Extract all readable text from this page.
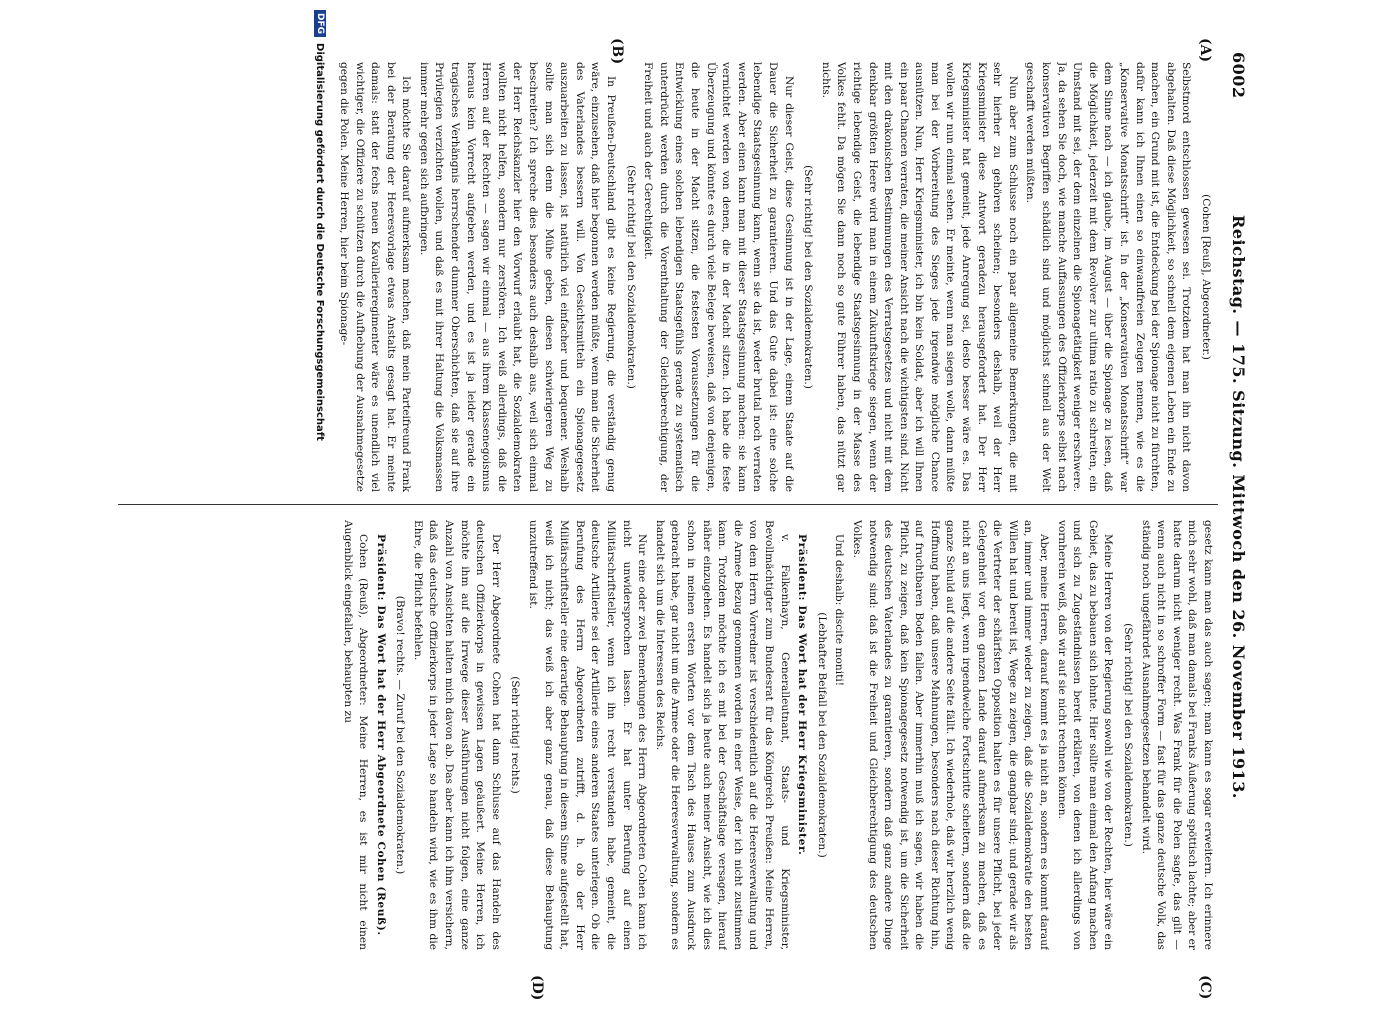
6002
Reichstag. — 175. Sitzung. Mittwoch den 26. November 1913.
(A)
(B)
(C)
(D)

(Cohen [Reuß], Abgeordneter.)

Selbstmord entschlossen gewesen sei. Trotzdem hat man ihn nicht davon abgehalten. Daß diese Möglichkeit, so schnell dem eigenen Leben ein Ende zu machen, ein Grund mit ist, die Entdeckung bei der Spionage nicht zu fürchten, dafür kann ich Ihnen einen so einwandfreien Zeugen nennen, wie es die „Konservative Monatsschrift“ ist. In der „Konservativen Monatsschrift“ war dem Sinne nach — ich glaube, im August — über die Spionage zu lesen, daß die Möglichkeit, jederzeit mit dem Revolver zur ultima ratio zu schreiten, ein Umstand mit sei, der dem einzelnen die Spionagetätigkeit weniger erschwere. Ja, da sehen Sie doch, wie manche Auffassungen des Offizierkorps selbst nach konservativen Begriffen schädlich sind und möglichst schnell aus der Welt geschafft werden müßten.

Nun aber zum Schlusse noch ein paar allgemeine Bemerkungen, die mit sehr hierher zu gehören scheinen; besonders deshalb, weil der Herr Kriegsminister diese Antwort geradezu herausgefordert hat. Der Herr Kriegsminister hat gemeint, jede Anregung sei, desto besser wäre es. Das wollen wir nun einmal sehen. Er meinte, wenn man siegen wolle, dann müßte man bei der Vorbereitung des Sieges jede irgendwie mögliche Chance ausnützen. Nun, Herr Kriegsminister, ich bin kein Soldat, aber ich will Ihnen ein paar Chancen verraten, die meiner Ansicht nach die wichtigsten sind. Nicht mit den drakonischen Bestimmungen des Verratsgesetzes und nicht mit dem denkbar größten Heere wird man in einem Zukunftskriege siegen, wenn der richtige lebendige Geist, die lebendige Staatsgesinnung in der Masse des Volkes fehlt. Da mögen Sie dann noch so gute Führer haben, das nützt gar nichts.

(Sehr richtig! bei den Sozialdemokraten.)

Nur dieser Geist, diese Gesinnung ist in der Lage, einem Staate auf die Dauer die Sicherheit zu garantieren. Und das Gute dabei ist: eine solche lebendige Staatsgesinnung kann, wenn sie da ist, weder brutal noch verraten werden. Aber einen kann man mit dieser Staatsgesinnung machen: sie kann vernichtet werden von denen, die in der Macht sitzen. Ich habe die feste Überzeugung und könnte es durch viele Belege beweisen, daß von denjenigen, die heute in der Macht sitzen, die festesten Voraussetzungen für die Entwicklung eines solchen lebendigen Staatsgefühls gerade zu systematisch unterdrückt werden durch die Vorenthaltung der Gleichberechtigung, der Freiheit und auch der Gerechtigkeit.

(Sehr richtig! bei den Sozialdemokraten.)

In Preußen-Deutschland gibt es keine Regierung, die verständig genug wäre, einzusehen, daß hier begonnen werden müßte, wenn man die Sicherheit des Vaterlandes bessern will. Von Gesichtsmitteln ein Spionagegesetz auszuarbeiten zu lassen, ist natürlich viel einfacher und bequemer. Weshalb sollte man sich denn die Mühe geben, diesen schwierigeren Weg zu beschreiten? Ich spreche dies besonders auch deshalb aus, weil sich einmal der Herr Reichskanzler hier den Vorwurf erlaubt hat, die Sozialdemokraten wollten nicht helfen, sondern nur zerstören. Ich weiß allerdings, daß die Herren auf der Rechten — sagen wir einmal — aus ihrem Klassenegoismus heraus kein Vorrecht aufgeben werden, und es ist ja leider gerade ein tragisches Verhängnis herrschender dummer Oberschichten, daß sie auf ihre Privilegien verzichten wollen, und daß es mit ihrer Haltung die Volksmassen immer mehr gegen sich aufbringen.

Ich möchte Sie darauf aufmerksam machen, daß mein Parteifreund Frank bei der Beratung der Heeresvorlage etwas Anstalts gesagt hat. Er meinte damals: statt der fechs neuen Kavallerieregimenter wäre es unendlich viel wichtiger, die Offiziere zu schützen durch die Aufhebung der Ausnahmegesetze gegen die Polen. Meine Herren, hier beim Spionage-

gesetz kann man das auch sagen; man kann es sogar erweitern. Ich erinnere mich sehr wohl, daß man damals bei Franks Äußerung spöttisch lachte; aber er hatte darum nicht weniger recht. Was Frank für die Polen sagte, das gilt — wenn auch nicht in so schroffer Form — fast für das ganze deutsche Volk, das ständig noch ungefährdet Ausnahmegesetzen behandelt wird.

(Sehr richtig! bei den Sozialdemokraten.)

Meine Herren von der Regierung sowohl wie von der Rechten, hier wäre ein Gebiet, das zu bebauen sich lohnte. Hier sollte man einmal den Anfang machen und sich zu Zugeständnissen bereit erklären, von denen ich allerdings von vornherein weiß, daß wir auf sie nicht rechnen können.

Aber, meine Herren, darauf kommt es ja nicht an, sondern es kommt darauf an, immer und immer wieder zu zeigen, daß die Sozialdemokratie den besten Willen hat und bereit ist, Wege zu zeigen, die gangbar sind; und gerade wir als die Vertreter der schärfsten Opposition halten es für unsere Pflicht, bei jeder Gelegenheit vor dem ganzen Lande darauf aufmerksam zu machen, daß es nicht an uns liegt, wenn irgendwelche Fortschritte scheitern, sondern daß die ganze Schuld auf die andere Seite fällt. Ich wiederhole, daß wir herzlich wenig Hoffnung haben, daß unsere Mahnungen, besonders nach dieser Richtung hin, auf fruchtbaren Boden fallen. Aber immerhin muß ich sagen, wir haben die Pflicht, zu zeigen, daß kein Spionagegesetz notwendig ist, um die Sicherheit des deutschen Vaterlandes zu garantieren, sondern daß ganz andere Dinge notwendig sind: daß ist die Freiheit und Gleichberechtigung des deutschen Volkes.

Und deshalb: discite moniti!

(Lebhafter Beifall bei den Sozialdemokraten.)

Präsident: Das Wort hat der Herr Kriegsminister.

v. Falkenhayn, Generalleutnant, Staats- und Kriegsminister, Bevollmächtigter zum Bundesrat für das Königreich Preußen: Meine Herren, von dem Herrn Vorredner ist verschiedentlich auf die Heeresverwaltung und die Armee Bezug genommen worden in einer Weise, der ich nicht zustimmen kann. Trotzdem möchte ich es mit bei der Geschäftslage versagen, hierauf näher einzugehen. Es handelt sich ja heute auch meiner Ansicht, wie ich dies schon in meinen ersten Worten vor dem Tisch des Hauses zum Ausdruck gebracht habe, gar nicht um die Armee oder die Heeresverwaltung, sondern es handelt sich um die Interessen des Reichs.

Nur eine oder zwei Bemerkungen des Herrn Abgeordneten Cohen kann ich nicht unwidersprochen lassen. Er hat unter Berufung auf einen Militärschriftsteller, wenn ich ihn recht verstanden habe, gemeint, die deutsche Artillerie sei der Artillerie eines anderen Staates unterlegen. Ob die Berufung des Herrn Abgeordneten zutrifft, d. h. ob der Herr Militärschriftsteller eine derartige Behauptung in diesem Sinne aufgestellt hat, weiß ich nicht; das weiß ich aber ganz genau, daß diese Behauptung unzutreffend ist.

(Sehr richtig! rechts.)

Der Herr Abgeordnete Cohen hat dann Schlusse auf das Handeln des deutschen Offizierkorps in gewissen Lagen geäußert. Meine Herren, ich möchte ihm auf die Irrwege dieser Ausführungen nicht folgen, eine ganze Anzahl von Ansichten halten mich davon ab. Das aber kann ich ihm versichern, daß das deutsche Offizierkorps in jeder Lage so handeln wird, wie es ihm die Ehre, die Pflicht befehlen.

(Bravo! rechts. — Zuruf bei den Sozialdemokraten.)

Präsident: Das Wort hat der Herr Abgeordnete Cohen (Reuß).

Cohen (Reuß), Abgeordneter: Meine Herren, es ist mir nicht einen Augenblick eingefallen, behaupten zu

DFG
Digitalisierung gefördert durch die Deutsche Forschungsgemeinschaft
